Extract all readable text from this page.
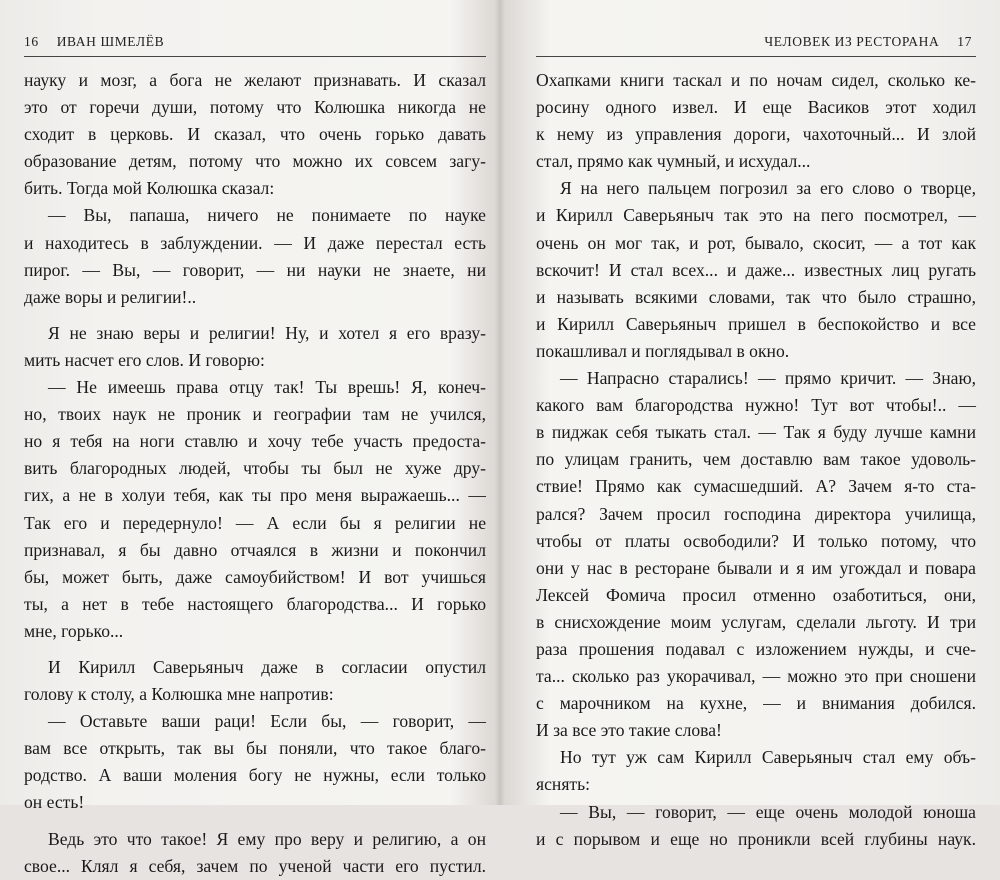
16 ИВАН ШМЕЛЁВ
науку и мозг, а бога не желают признавать. И сказал
это от горечи души, потому что Колюшка никогда не
сходит в церковь. И сказал, что очень горько давать
образование детям, потому что можно их совсем загу-
бить. Тогда мой Колюшка сказал:
— Вы, папаша, ничего не понимаете по науке
и находитесь в заблуждении. — И даже перестал есть
пирог. — Вы, — говорит, — ни науки не знаете, ни
даже воры и религии!..
Я не знаю веры и религии! Ну, и хотел я его вразу-
мить насчет его слов. И говорю:
— Не имеешь права отцу так! Ты врешь! Я, конеч-
но, твоих наук не проник и географии там не учился,
но я тебя на ноги ставлю и хочу тебе участь предоста-
вить благородных людей, чтобы ты был не хуже дру-
гих, а не в холуи тебя, как ты про меня выражаешь... —
Так его и передернуло! — А если бы я религии не
признавал, я бы давно отчаялся в жизни и покончил
бы, может быть, даже самоубийством! И вот учишься
ты, а нет в тебе настоящего благородства... И горько
мне, горько...
И Кирилл Саверьяныч даже в согласии опустил
голову к столу, а Колюшка мне напротив:
— Оставьте ваши раци! Если бы, — говорит, —
вам все открыть, так вы бы поняли, что такое благо-
родство. А ваши моления богу не нужны, если только
он есть!
Ведь это что такое! Я ему про веру и религию, а он
свое... Клял я себя, зачем по ученой части его пустил.
ЧЕЛОВЕК ИЗ РЕСТОРАНА 17
Охапками книги таскал и по ночам сидел, сколько ке-
росину одного извел. И еще Васиков этот ходил
к нему из управления дороги, чахоточный... И злой
стал, прямо как чумный, и исхудал...
Я на него пальцем погрозил за его слово о творце,
и Кирилл Саверьяныч так это на пего посмотрел, —
очень он мог так, и рот, бывало, скосит, — а тот как
вскочит! И стал всех... и даже... известных лиц ругать
и называть всякими словами, так что было страшно,
и Кирилл Саверьяныч пришел в беспокойство и все
покашливал и поглядывал в окно.
— Напрасно старались! — прямо кричит. — Знаю,
какого вам благородства нужно! Тут вот чтобы!.. —
в пиджак себя тыкать стал. — Так я буду лучше камни
по улицам гранить, чем доставлю вам такое удоволь-
ствие! Прямо как сумасшедший. А? Зачем я-то ста-
рался? Зачем просил господина директора училища,
чтобы от платы освободили? И только потому, что
они у нас в ресторане бывали и я им угождал и повара
Лексей Фомича просил отменно озаботиться, они,
в снисхождение моим услугам, сделали льготу. И три
раза прошения подавал с изложением нужды, и сче-
та... сколько раз укорачивал, — можно это при сношени
с марочником на кухне, — и внимания добился.
И за все это такие слова!
Но тут уж сам Кирилл Саверьяныч стал ему объ-
яснять:
— Вы, — говорит, — еще очень молодой юноша
и с порывом и еще но проникли всей глубины наук.
